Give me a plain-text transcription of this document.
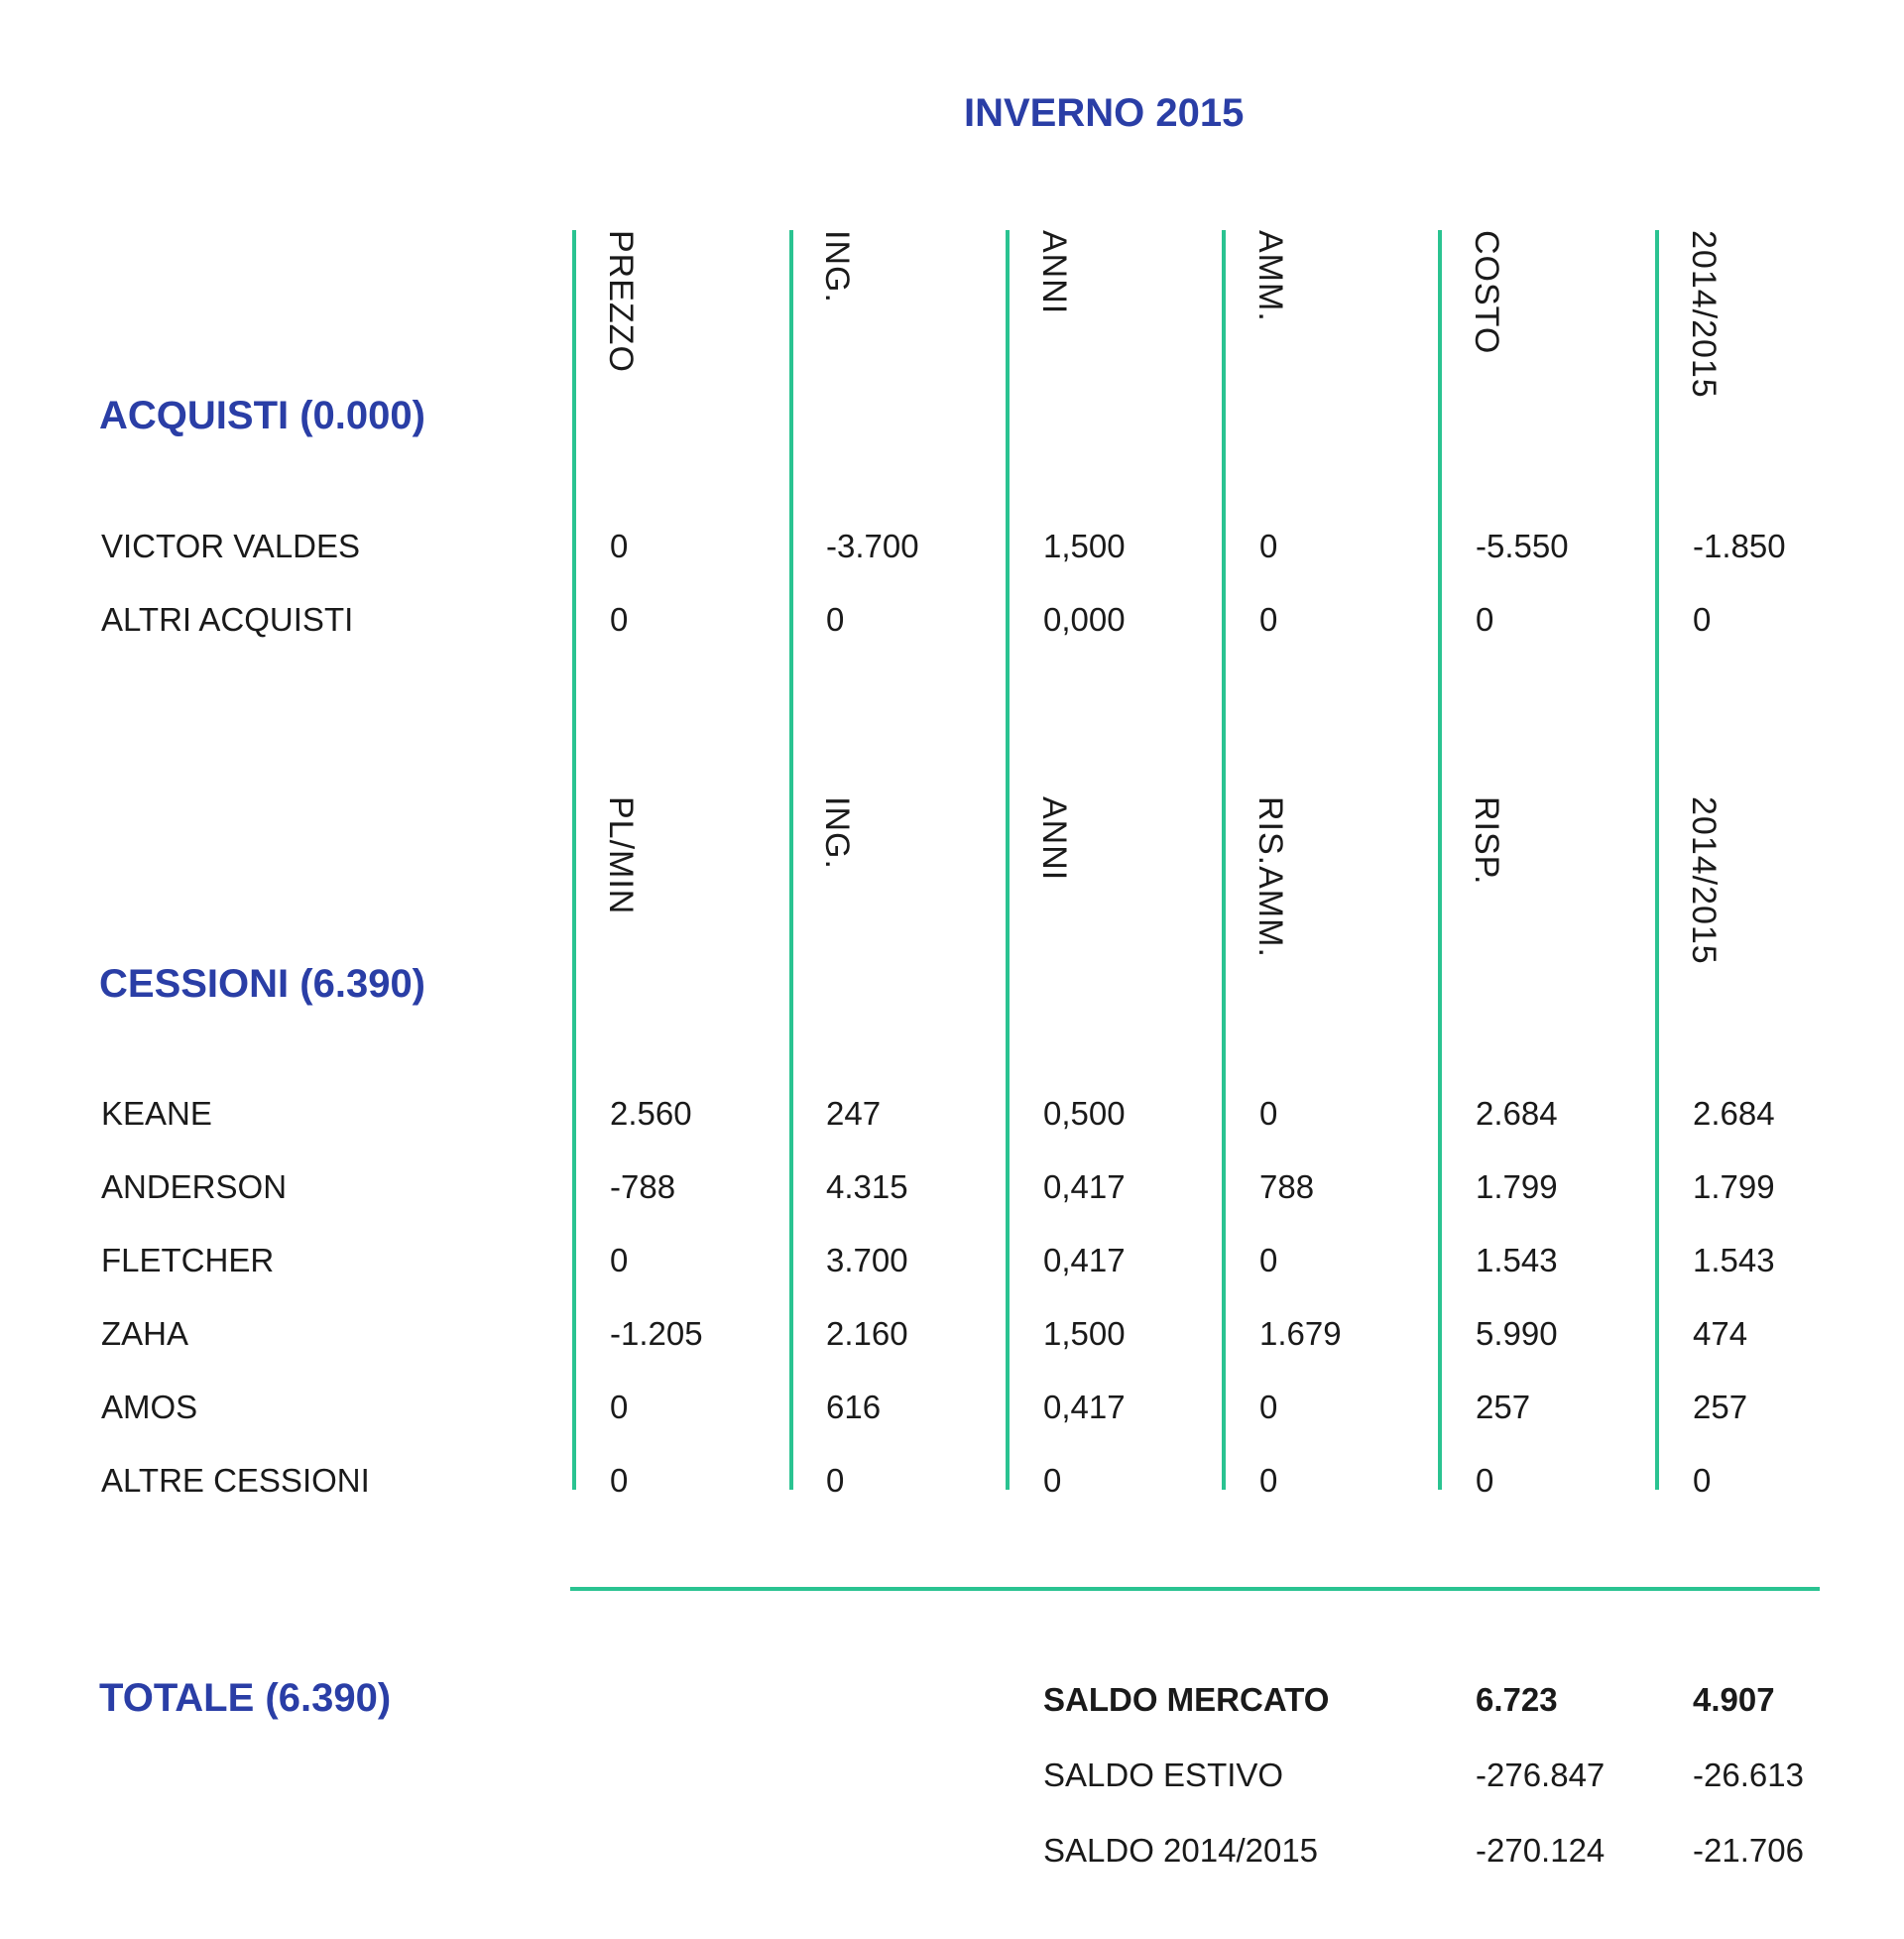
INVERNO 2015
ACQUISTI (0.000)
CESSIONI (6.390)
TOTALE (6.390)
PREZZO	ING.	ANNI	AMM.	COSTO	2014/2015
VICTOR VALDES	0	-3.700	1,500	0	-5.550	-1.850
ALTRI ACQUISTI	0	0	0,000	0	0	0
PL/MIN	ING.	ANNI	RIS.AMM.	RISP.	2014/2015
KEANE	2.560	247	0,500	0	2.684	2.684
ANDERSON	-788	4.315	0,417	788	1.799	1.799
FLETCHER	0	3.700	0,417	0	1.543	1.543
ZAHA	-1.205	2.160	1,500	1.679	5.990	474
AMOS	0	616	0,417	0	257	257
ALTRE CESSIONI	0	0	0	0	0	0
SALDO MERCATO	6.723	4.907
SALDO ESTIVO	-276.847	-26.613
SALDO 2014/2015	-270.124	-21.706
